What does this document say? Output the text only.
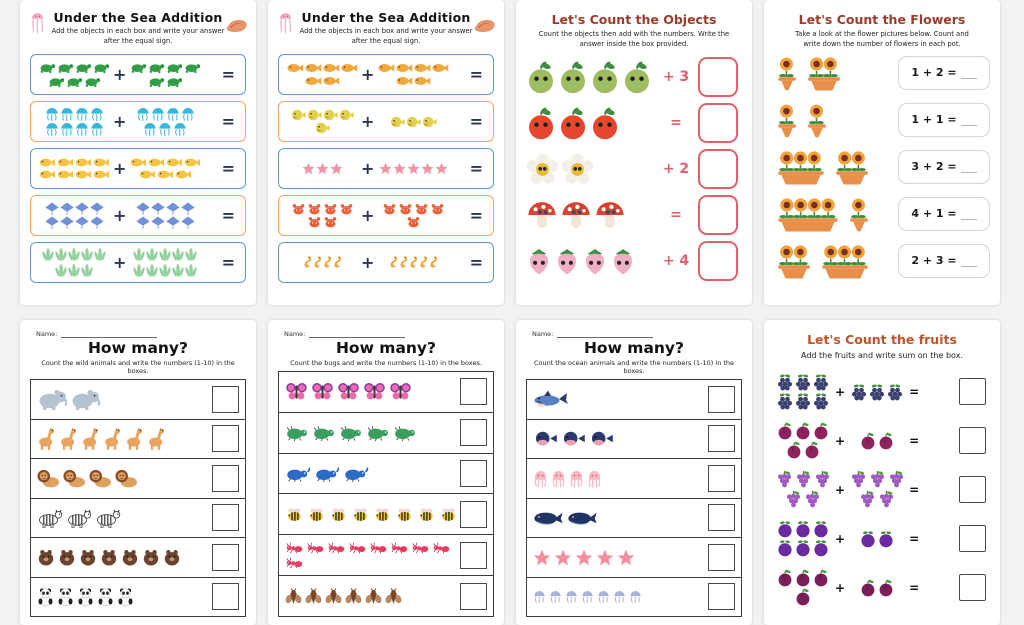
Under the Sea Addition
Add the objects in each box and write your answer after the equal sign.
+	=
+	=
+	=
+	=
+	=
Under the Sea Addition
Add the objects in each box and write your answer after the equal sign.
+	=
+	=
+	=
+	=
+	=
Let's Count the Objects
Count the objects then add with the numbers. Write the answer inside the box provided.
+ 3
=
+ 2
=
+ 4
Let's Count the Flowers
Take a look at the flower pictures below. Count and write down the number of flowers in each pot.
1 + 2 =
1 + 1 =
3 + 2 =
4 + 1 =
2 + 3 =
Name:
How many?
Count the wild animals and write the numbers (1-10) in the boxes.
Name:
How many?
Count the bugs and write the numbers (1-10) in the boxes.
Name:
How many?
Count the ocean animals and write the numbers (1-10) in the boxes.
Let's Count the fruits
Add the fruits and write sum on the box.
+	=
+	=
+	=
+	=
+	=
